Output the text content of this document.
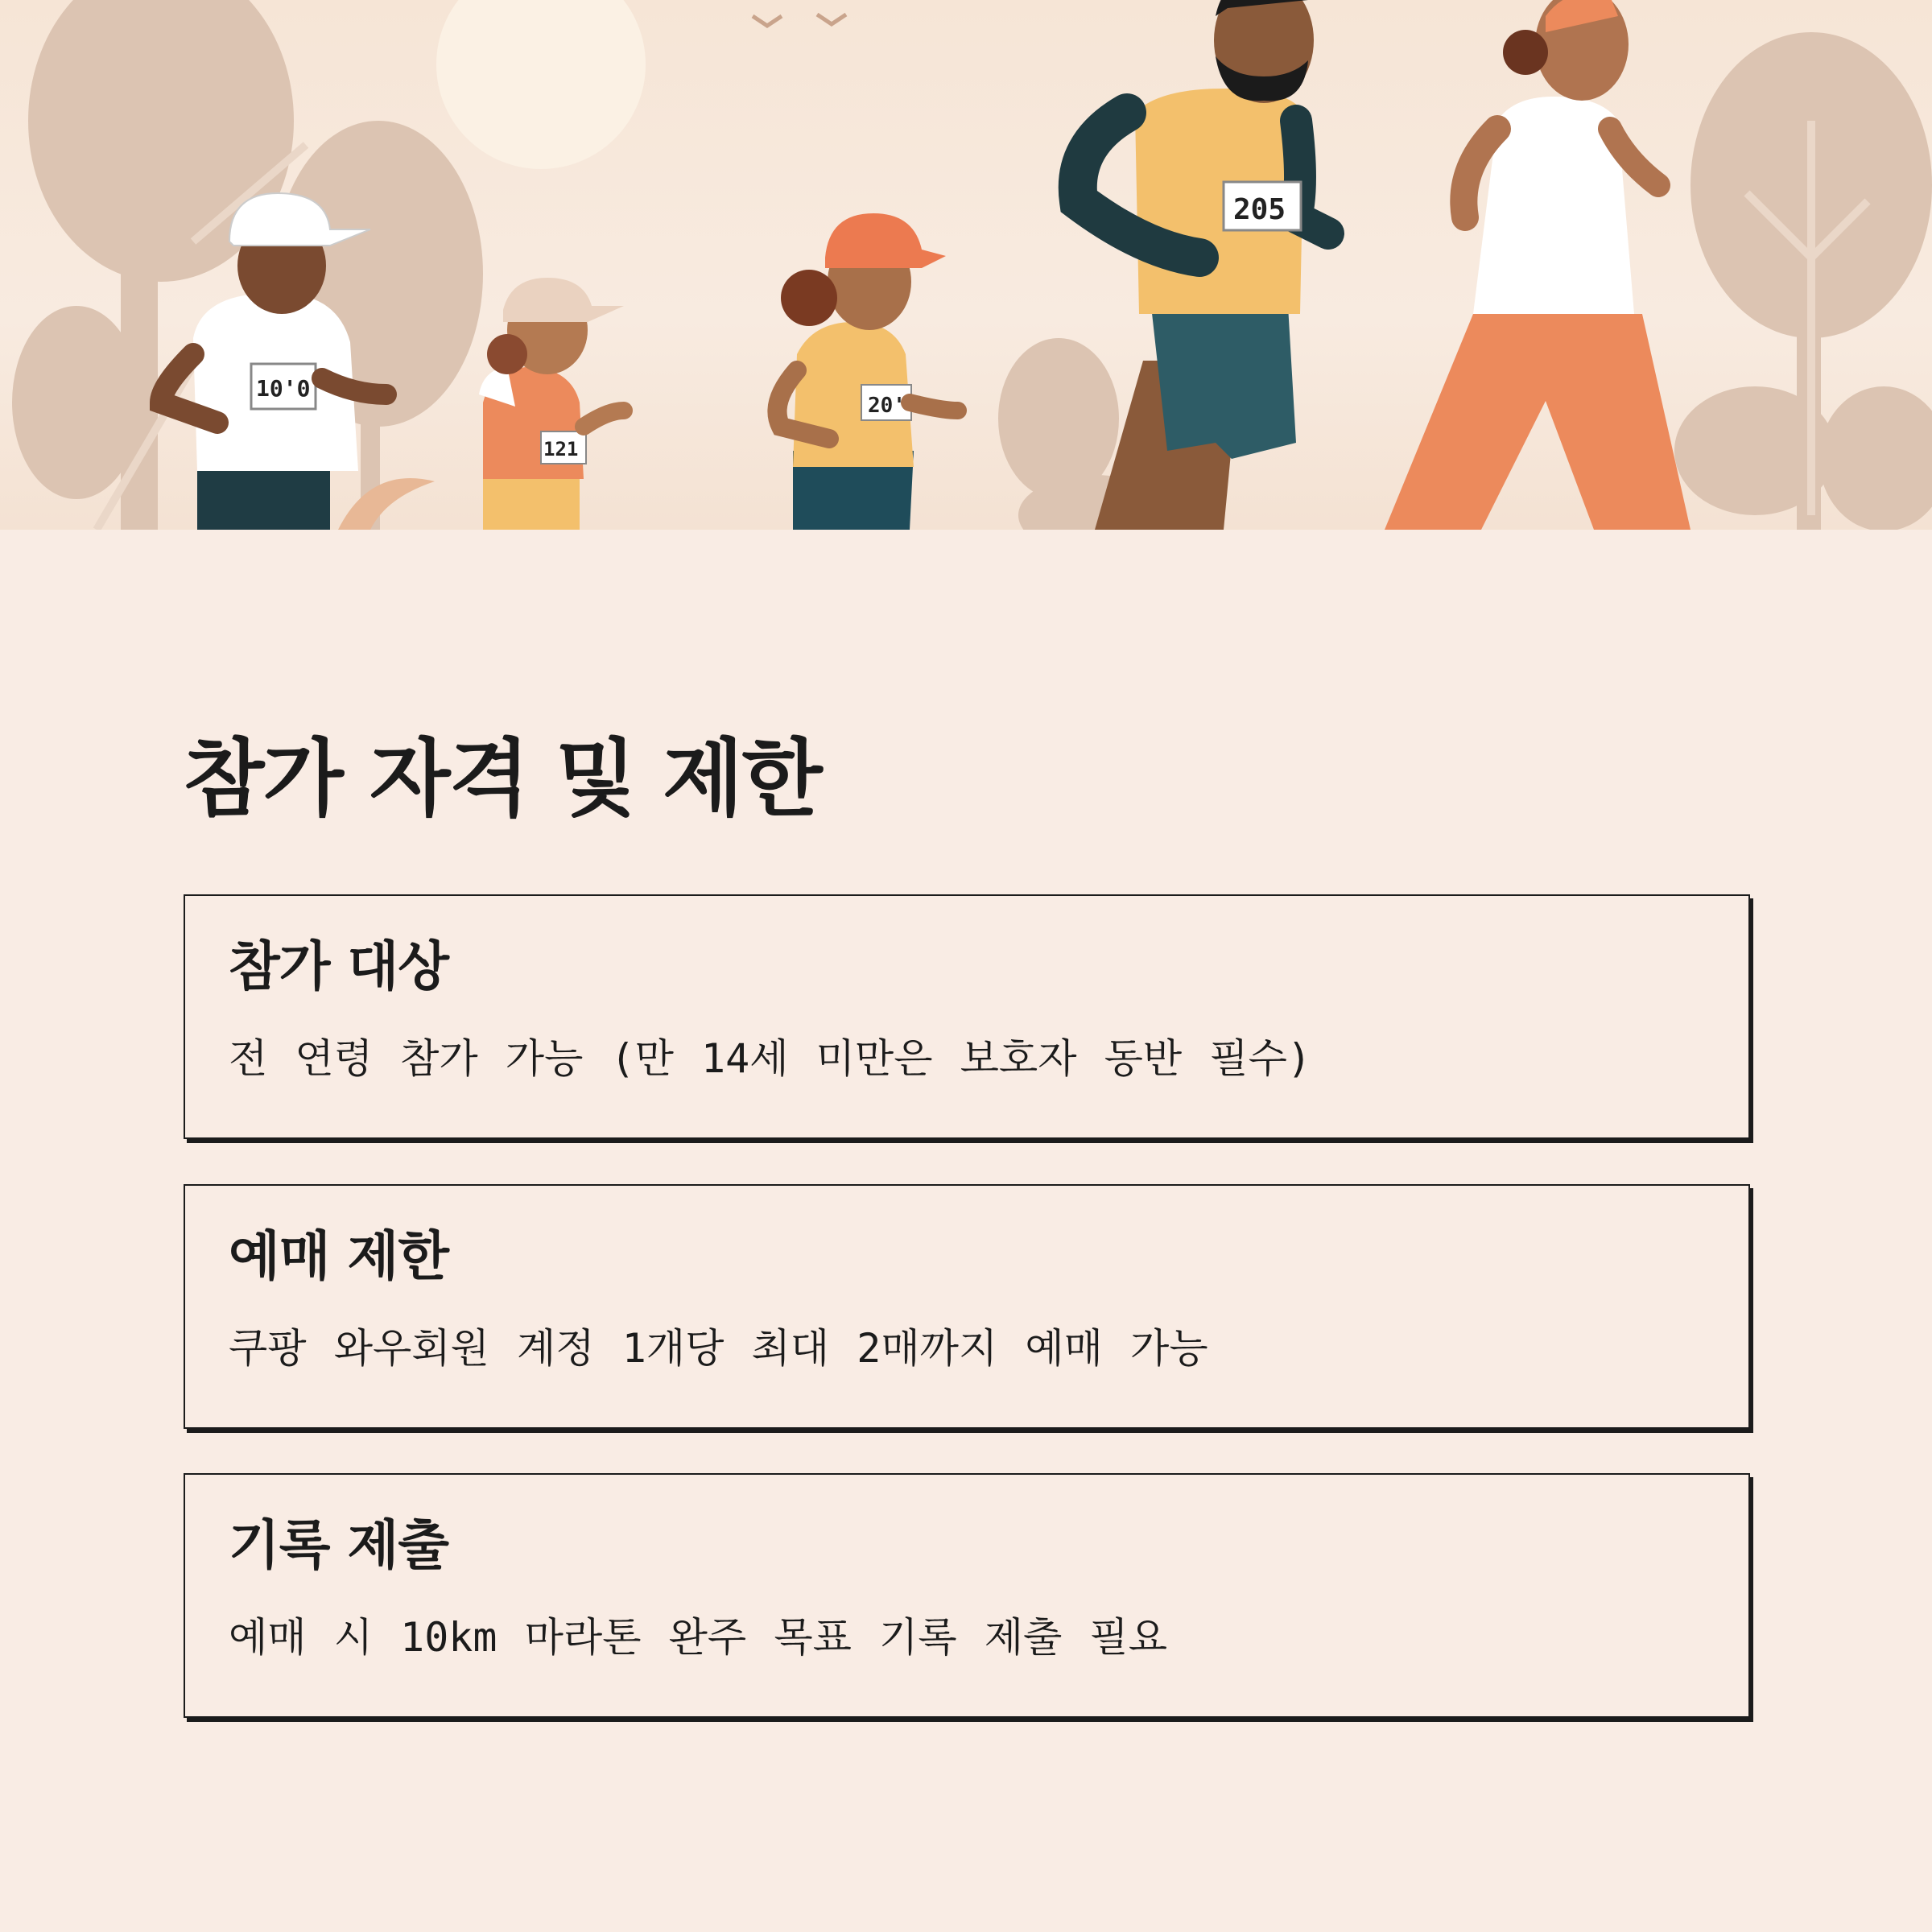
10'0
121
20'
205
참가 자격 및 제한
참가 대상

전 연령 참가 가능 (만 14세 미만은 보호자 동반 필수)

예매 제한

쿠팡 와우회원 계정 1개당 최대 2매까지 예매 가능

기록 제출

예매 시 10km 마라톤 완주 목표 기록 제출 필요
